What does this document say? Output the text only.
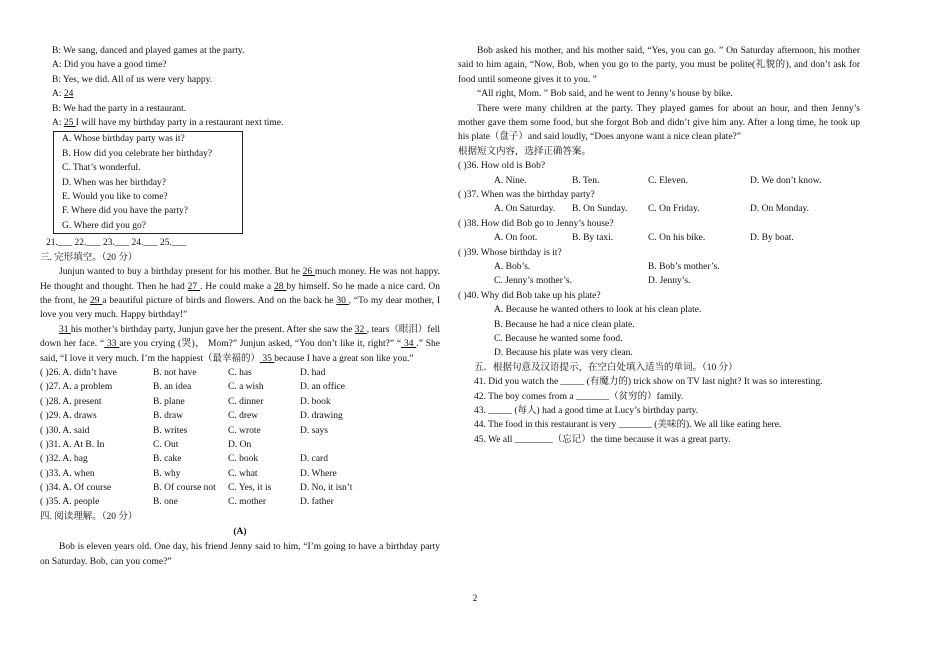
B: We sang, danced and played games at the party.
A: Did you have a good time?
B: Yes, we did. All of us were very happy.
A: 24
B: We had the party in a restaurant.
A: 25 I will have my birthday party in a restaurant next time.
A. Whose birthday party was it?
B. How did you celebrate her birthday?
C. That’s wonderful.
D. When was her birthday?
E. Would you like to come?
F. Where did you have the party?
G. Where did you go?
21.___ 22.___ 23.___ 24.___ 25.___
三. 完形填空。（20 分）
Junjun wanted to buy a birthday present for his mother. But he 26 much money. He was not happy. He thought and thought. Then he had 27 . He could make a 28 by himself. So he made a nice card. On the front, he 29 a beautiful picture of birds and flowers. And on the back he 30 , “To my dear mother, I love you very much. Happy birthday!”
31 his mother’s birthday party, Junjun gave her the present. After she saw the 32 , tears（眼泪）fell down her face. “ 33 are you crying (哭)， Mom?” Junjun asked, “You don’t like it, right?” “ 34 .” She said, “I love it very much. I’m the happiest（最幸福的） 35 because I have a great son like you.”
( )26. A. didn’t have	B. not have	C. has	D. had
( )27. A. a problem	B. an idea	C. a wish	D. an office
( )28. A. present	B. plane	C. dinner	D. book
( )29. A. draws	B. draw	C. drew	D. drawing
( )30. A. said	B. writes	C. wrote	D. says
( )31. A. At B. In	C. Out	D. On
( )32. A. bag	B. cake	C. book	D. card
( )33. A. when	B. why	C. what	D. Where
( )34. A. Of course	B. Of course not C. Yes, it is	D. No, it isn’t
( )35. A. people	B. one	C. mother	D. father
四. 阅读理解。（20 分）
(A)
Bob is eleven years old. One day, his friend Jenny said to him, “I’m going to have a birthday party on Saturday. Bob, can you come?”
Bob asked his mother, and his mother said, “Yes, you can go. ” On Saturday afternoon, his mother said to him again, “Now, Bob, when you go to the party, you must be polite(礼貌的), and don’t ask for food until someone gives it to you. ”
“All right, Mom. ” Bob said, and he went to Jenny’s house by bike.
There were many children at the party. They played games for about an hour, and then Jenny’s mother gave them some food, but she forgot Bob and didn’t give him any. After a long time, he took up his plate（盘子）and said loudly, “Does anyone want a nice clean plate?”
根据短文内容，选择正确答案。
( )36. How old is Bob?
A. Nine.	B. Ten.	C. Eleven.	D. We don’t know.
( )37. When was the birthday party?
A. On Saturday. B. On Sunday. C. On Friday.	D. On Monday.
( )38. How did Bob go to Jenny’s house?
A. On foot.	B. By taxi.	C. On his bike.	D. By boat.
( )39. Whose birthday is it?
A. Bob’s.	B. Bob’s mother’s.
C. Jenny’s mother’s.	D. Jenny’s.
( )40. Why did Bob take up his plate?
A. Because he wanted others to look at his clean plate.
B. Because he had a nice clean plate.
C. Because he wanted some food.
D. Because his plate was very clean.
五．根据句意及汉语提示，在空白处填入适当的单词。（10 分）
41. Did you watch the _____ (有魔力的) trick show on TV last night? It was so interesting.
42. The boy comes from a _______（贫穷的）family.
43. _____ (每人) had a good time at Lucy’s birthday party.
44. The food in this restaurant is very _______ (美味的). We all like eating here.
45. We all ________（忘记）the time because it was a great party.
2
